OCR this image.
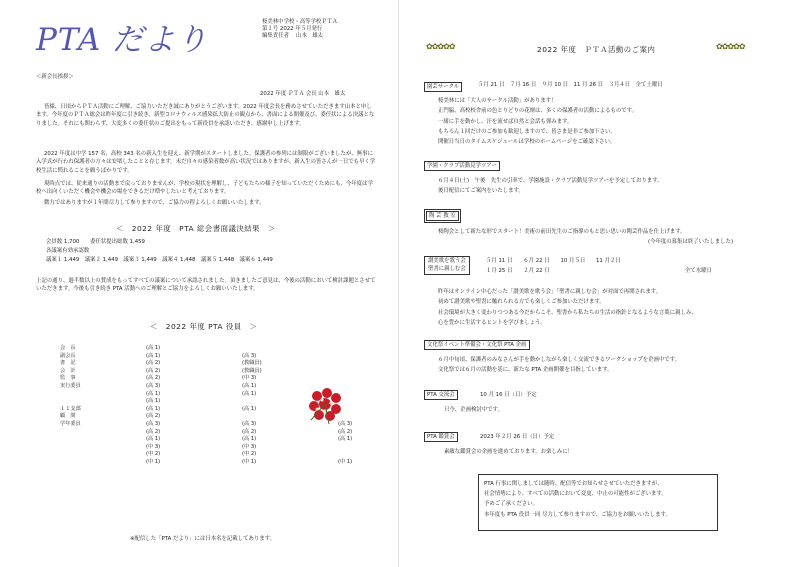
PTA だより	桜美林中学校・高等学校ＰＴＡ
第１号 2022 年５月発行
編集責任者　 山本　雄太
＜新会長挨拶＞
2022 年度 ＰＴＡ 会長 山本　雄太
皆様、日頃からＰＴＡ活動にご理解、ご協力いただき誠にありがとうございます。2022 年度会長を務めさせていただきます山本と申します。今年度のＰＴＡ総会は昨年度に引き続き、新型コロナウィルス感染拡大防止の観点から、書面による開催及び、委任状による決議となりました。それにも関わらず、大変多くの委任状のご提出をもって新役員を承認いただき、感謝申し上げます。
2022 年度は中学 157 名、高校 343 名の新入生を迎え、新学期がスタートしました。保護者の参列には制限がございましたが、無事に入学式が行われ保護者の方々は安堵したことと存じます。未だ自々の感染者数が高い状況ではありますが、新入生の皆さんが一日でも早く学校生活に慣れることを願うばかりです。
現時点では、従来通りの活動まで戻っておりませんが、学校の現状を理解し、子どもたちの様子を知っていただくためにも、今年度は学校へ出向くいただく機会や機会の場をできるだけ増やしたいと考えております。
微力ではありますが１年間尽力して参りますので、ご協力の程よろしくお願いいたします。
＜　2022 年度　PTA 総会書面議決結果　＞
会員数 1,700　　委任状提出総数 1,459
各議案有効承認数
議案１ 1,449　議案２ 1,449　議案３ 1,449　議案４ 1,448　議案５ 1,448　議案６ 1,449
上記の通り、過半数以上の賛成をもってすべての議案について承認されました。頂きましたご意見は、今後の活動において検討課題とさせていただきます。今後も引き続き PTA 活動へのご理解とご協力をよろしくお願いいたします。
＜　2022 年度 PTA 役員　＞
会　長	(高 1)		
副会長	(高 1)	(高 3)	
書　記	(高 2)	(教職員)	
会　計	(高 2)	(教職員)	
監　事	(高 2)	(中 3)	
実行委員	(高 3)	(高 1)	
	(高 1)	(高 1)	
	(高 1)		
１１支部	(高 1)	(高 1)	

顧　問	(高 2)		

学年委員	(高 3)	(高 3)	(高 3)
	(高 2)	(高 2)	(高 2)
	(高 1)	(高 1)	(高 1)
	(中 3)	(中 3)	
	(中 2)	(中 2)	
	(中 1)	(中 1)	(中 1)
※配信した「PTA だより」には日本名を記載してあります。
✿✿✿✿✿	2022 年度　ＰＴＡ活動のご案内	✿✿✿✿✿
園芸サークル	５月 21 日　７月 16 日　９月 10 日　11 月 26 日　３月４日　全て土曜日
桜美林には「大人のサークル活動」があります！
正門脇、高校校舎前の色とりどりの花壇は、多くの保護者の活動によるものです。
一緒に手を動かし、汗を流せば自然と会話も弾みます。
もちろん１回だけのご参加も歓迎しますので、皆さま是非ご参加下さい。
開催日当日のタイムスケジュールは学校のホームページをご確認下さい。
学園・クラブ活動見学ツアー
６月４日(土)　午後　先生の引率で、学園施設・クラブ活動見学ツアーを予定しております。
後日配信にてご案内をいたします。
陶 芸 教 室
桜陶会として新たな形でスタート！美術の前田先生のご指導のもと思い思いの陶芸作品を仕上げます。
(今年度の募集は終了いたしました)
讃美歌を歌う会
聖書に親しむ会
５月 11 日　　６月 22 日　　10 月５日　　11 月２日
１月 25 日　　２月 22 日	全て水曜日
昨年はオンライン中心だった「讃美歌を歌う会」「聖書に親しむ会」が対面で再開されます。
初めて讃美歌や聖書に触れられる方でも楽しくご参加いただけます。
社会環境が大きく変わりつつある今だからこそ、聖書から私たちの生活の指針となるような言葉に親しみ、
心を豊かに生活するヒントを学びましょう。
文化祭イベント準備会・文化祭 PTA 企画
６月中旬頃、保護者のみなさんが手を動かしながら楽しく交流できるワークショップを企画中です。
文化祭では６月の活動を基に、新たな PTA 企画開催を目指しています。
PTA 交流会	10 月 16 日（日）予定
只今、企画検討中です。
PTA 鑑賞会	2023 年２月 26 日（日）予定
素敵な鑑賞会の企画を進めております。お楽しみに！
PTA 行事に関しましては随時、配信等でお知らせさせていただきますが、
社会情勢により、すべての活動において変更、中止の可能性がございます。
予めご了承ください。
本年度も PTA 役員一同 尽力して参りますので、ご協力をお願いいたします。
